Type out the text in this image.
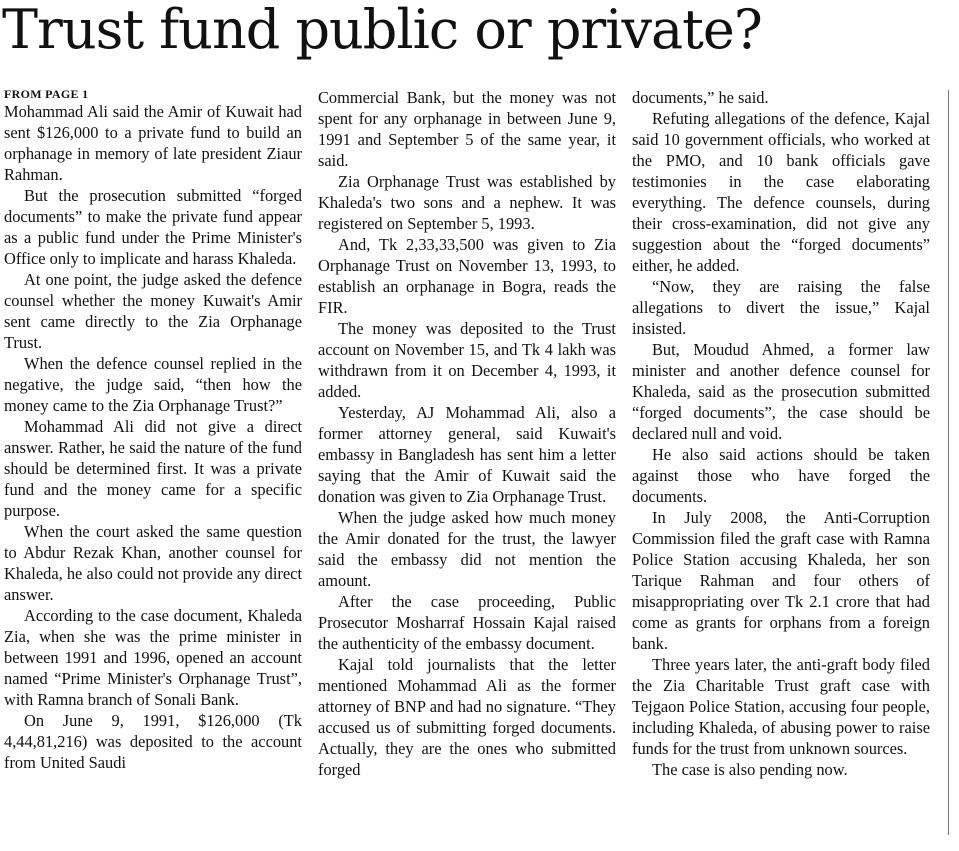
Trust fund public or private?
FROM PAGE 1

Mohammad Ali said the Amir of Kuwait had sent $126,000 to a private fund to build an orphanage in memory of late president Ziaur Rahman.

But the prosecution submitted “forged documents” to make the private fund appear as a public fund under the Prime Minister's Office only to implicate and harass Khaleda.

At one point, the judge asked the defence counsel whether the money Kuwait's Amir sent came directly to the Zia Orphanage Trust.

When the defence counsel replied in the negative, the judge said, “then how the money came to the Zia Orphanage Trust?”

Mohammad Ali did not give a direct answer. Rather, he said the nature of the fund should be determined first. It was a private fund and the money came for a specific purpose.

When the court asked the same question to Abdur Rezak Khan, another counsel for Khaleda, he also could not provide any direct answer.

According to the case document, Khaleda Zia, when she was the prime minister in between 1991 and 1996, opened an account named “Prime Minister's Orphanage Trust”, with Ramna branch of Sonali Bank.

On June 9, 1991, $126,000 (Tk 4,44,81,216) was deposited to the account from United Saudi

Commercial Bank, but the money was not spent for any orphanage in between June 9, 1991 and September 5 of the same year, it said.

Zia Orphanage Trust was established by Khaleda's two sons and a nephew. It was registered on September 5, 1993.

And, Tk 2,33,33,500 was given to Zia Orphanage Trust on November 13, 1993, to establish an orphanage in Bogra, reads the FIR.

The money was deposited to the Trust account on November 15, and Tk 4 lakh was withdrawn from it on December 4, 1993, it added.

Yesterday, AJ Mohammad Ali, also a former attorney general, said Kuwait's embassy in Bangladesh has sent him a letter saying that the Amir of Kuwait said the donation was given to Zia Orphanage Trust.

When the judge asked how much money the Amir donated for the trust, the lawyer said the embassy did not mention the amount.

After the case proceeding, Public Prosecutor Mosharraf Hossain Kajal raised the authenticity of the embassy document.

Kajal told journalists that the letter mentioned Mohammad Ali as the former attorney of BNP and had no signature. “They accused us of submitting forged documents. Actually, they are the ones who submitted forged

documents,” he said.

Refuting allegations of the defence, Kajal said 10 government officials, who worked at the PMO, and 10 bank officials gave testimonies in the case elaborating everything. The defence counsels, during their cross-examination, did not give any suggestion about the “forged documents” either, he added.

“Now, they are raising the false allegations to divert the issue,” Kajal insisted.

But, Moudud Ahmed, a former law minister and another defence counsel for Khaleda, said as the prosecution submitted “forged documents”, the case should be declared null and void.

He also said actions should be taken against those who have forged the documents.

In July 2008, the Anti-Corruption Commission filed the graft case with Ramna Police Station accusing Khaleda, her son Tarique Rahman and four others of misappropriating over Tk 2.1 crore that had come as grants for orphans from a foreign bank.

Three years later, the anti-graft body filed the Zia Charitable Trust graft case with Tejgaon Police Station, accusing four people, including Khaleda, of abusing power to raise funds for the trust from unknown sources.

The case is also pending now.
